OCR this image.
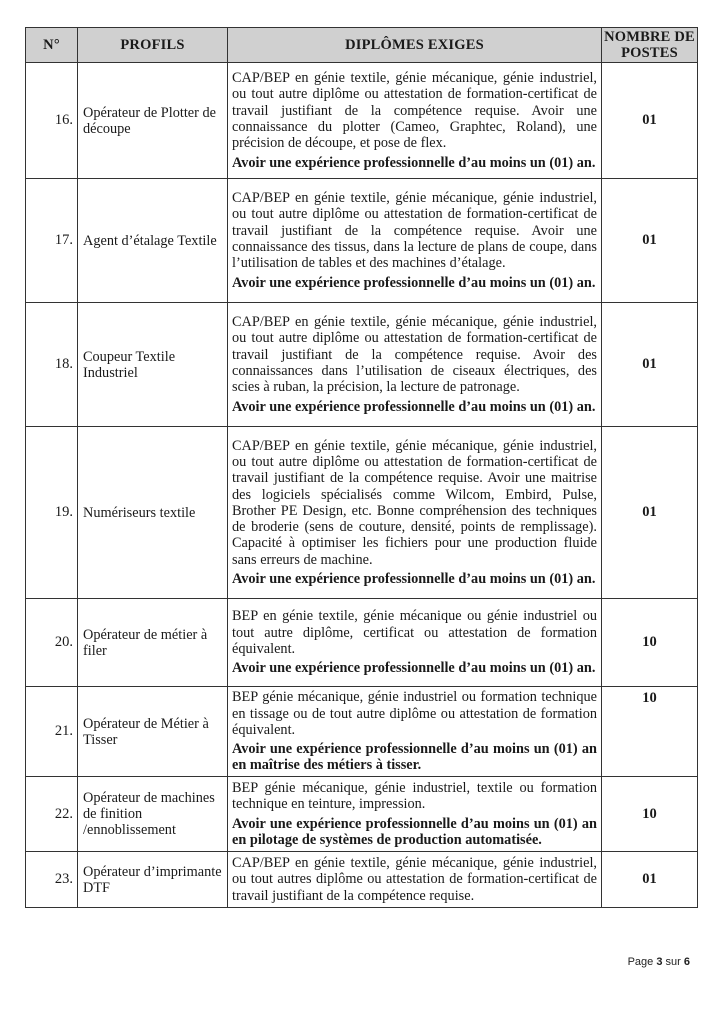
N°	PROFILS	DIPLÔMES EXIGES	NOMBRE DE POSTES
16.	Opérateur de Plotter de découpe	CAP/BEP en génie textile, génie mécanique, génie industriel, ou tout autre diplôme ou attestation de formation-certificat de travail justifiant de la compétence requise. Avoir une connaissance du plotter (Cameo, Graphtec, Roland), une précision de découpe, et pose de flex.

Avoir une expérience professionnelle d’au moins un (01) an.	01
17.	Agent d’étalage Textile	CAP/BEP en génie textile, génie mécanique, génie industriel, ou tout autre diplôme ou attestation de formation-certificat de travail justifiant de la compétence requise. Avoir une connaissance des tissus, dans la lecture de plans de coupe, dans l’utilisation de tables et des machines d’étalage.

Avoir une expérience professionnelle d’au moins un (01) an.	01
18.	Coupeur Textile Industriel	CAP/BEP en génie textile, génie mécanique, génie industriel, ou tout autre diplôme ou attestation de formation-certificat de travail justifiant de la compétence requise. Avoir des connaissances dans l’utilisation de ciseaux électriques, des scies à ruban, la précision, la lecture de patronage.

Avoir une expérience professionnelle d’au moins un (01) an.	01
19.	Numériseurs textile	CAP/BEP en génie textile, génie mécanique, génie industriel, ou tout autre diplôme ou attestation de formation-certificat de travail justifiant de la compétence requise. Avoir une maitrise des logiciels spécialisés comme Wilcom, Embird, Pulse, Brother PE Design, etc. Bonne compréhension des techniques de broderie (sens de couture, densité, points de remplissage). Capacité à optimiser les fichiers pour une production fluide sans erreurs de machine.

Avoir une expérience professionnelle d’au moins un (01) an.	01
20.	Opérateur de métier à filer	BEP en génie textile, génie mécanique ou génie industriel ou tout autre diplôme, certificat ou attestation de formation équivalent.

Avoir une expérience professionnelle d’au moins un (01) an.	10
21.	Opérateur de Métier à Tisser	BEP génie mécanique, génie industriel ou formation technique en tissage ou de tout autre diplôme ou attestation de formation équivalent.

Avoir une expérience professionnelle d’au moins un (01) an en maîtrise des métiers à tisser.	10
22.	Opérateur de machines de finition /ennoblissement	BEP génie mécanique, génie industriel, textile ou formation technique en teinture, impression.

Avoir une expérience professionnelle d’au moins un (01) an en pilotage de systèmes de production automatisée.	10
23.	Opérateur d’imprimante DTF	CAP/BEP en génie textile, génie mécanique, génie industriel, ou tout autres diplôme ou attestation de formation-certificat de travail justifiant de la compétence requise.	01
Page 3 sur 6
